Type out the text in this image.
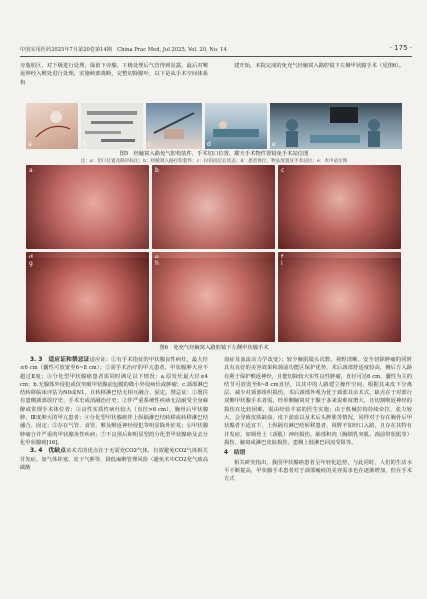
中国实用医药2025年7月第20卷第14期　China Prac Med, Jul 2025, Vol. 20, No. 14	· 175 ·

旁脂肪区，对下级进行处理，保留下旁腺，下极处理后气管得到显露，最后对喉返神经入喉处进行处理，实施峡部离断，完整切除腺叶，以下是从手术空间体系构

建开始，本院完成的免充气经腋窝入路腔镜下左侧甲状腺手术（见图6）。

a	b	c	d	e
图5　经腋窝入路免气腔构装件，手术切口位置、耀天手术物件置镜免手术站位图
注：a：切口位置及路径标注；b：经腋窝入路拉钩套件；c：拉钩固定后状态；d：患者体位、物品放置及手术站位；e：术中站位图
a	b	c
g	h	i
图6　免充气经腋窝入路腔镜下左侧甲状腺手术

3. 3　适应证和禁忌证适应证：①有手术指征的甲状腺良性病灶，最大径≤6 cm（囊性可放宽至6~8 cm）；②需手术治疗的甲亢患者，甲状腺肿大应不超过Ⅱ度；③分化型甲状腺癌患者需同时满足以下情况：a.原发灶最大径≤4 cm；b.无腺体外侵犯或仅突破甲状腺前包膜的微小外侵病灶或肿瘤；c.颈部淋巴结转移临床评估为N0或N1，且转移淋巴结无相互融合、固定。禁忌证：①既往有患侧颈部放疗史、手术史或消融治疗史；②伴严重系统性疾病无法耐受全身麻醉或常规手术体位者；③良性实质性病灶较大（直径>6 cm），胸骨后甲状腺肿，Ⅲ度肿大的甲亢患者；④分化型甲状腺癌伴上纵隔淋巴结转移或转移淋巴结融合、固定；⑤存在气管、食管、喉及喉返神经侵犯等明显除外征兆；⑥甲状腺肿瘤合并严重的甲状腺炎性疾病；⑦不良预后和明显型的分化型甲状腺癌及去分化甲状腺癌[16]。

3. 4　优缺点该术式的优点在于无需充CO2气体，有效避免CO2气体相关并发症，如气体栓塞、皮下气肿等，降低麻醉管理风险（避免术中CO2充气致高碳酸

血症及血流动力学改变）；较少腋肌镜头次数，视野清晰、安全切除肿瘤的同时具有良好的美容效果和颈前功能区保护优势，术后颈部舒适度较高，侧后方入路有利于保护喉返神经，且能切除较大实性良性肿瘤，直径可达6 cm，囊性为主的结节可放宽至6~8 cm直径，以其中的人路建立操作空间，根据其来皮下分离层，减少对颈部组织损伤，术后颈部外观为优于颈部其余术式。缺点在于对部行双侧甲状腺手术者需，经单侧腋窝对于腺于多来说难度增大，且切割喉返神经的损伤在比较困难，需由经验丰富的医生实施；由于机械拉钩持续牵拉，张力较大，会导致皮肤缺血，皮下淤血以及术后头肿胀等情况，同样对于存在胸骨后甲状腺者不适宜下、上纵隔有淋巴结转移患者，视野不如经口入路，且存在其特有并发症，如锁骨上（颈肌）神经损伤、肺部积肉（胸锁乳突肌、颈前带状肌等）损伤、腋窝或淋巴皮肤损伤，患侧上肢淋巴回流受阻等。

4　结语

相关研究指出，我国甲状腺癌患者呈年轻化趋势，与此同时，人们的生活水平不断提高，甲状腺手术患者对于颈部瘢痕的美容需求也在逐渐增加，但在手术方式
